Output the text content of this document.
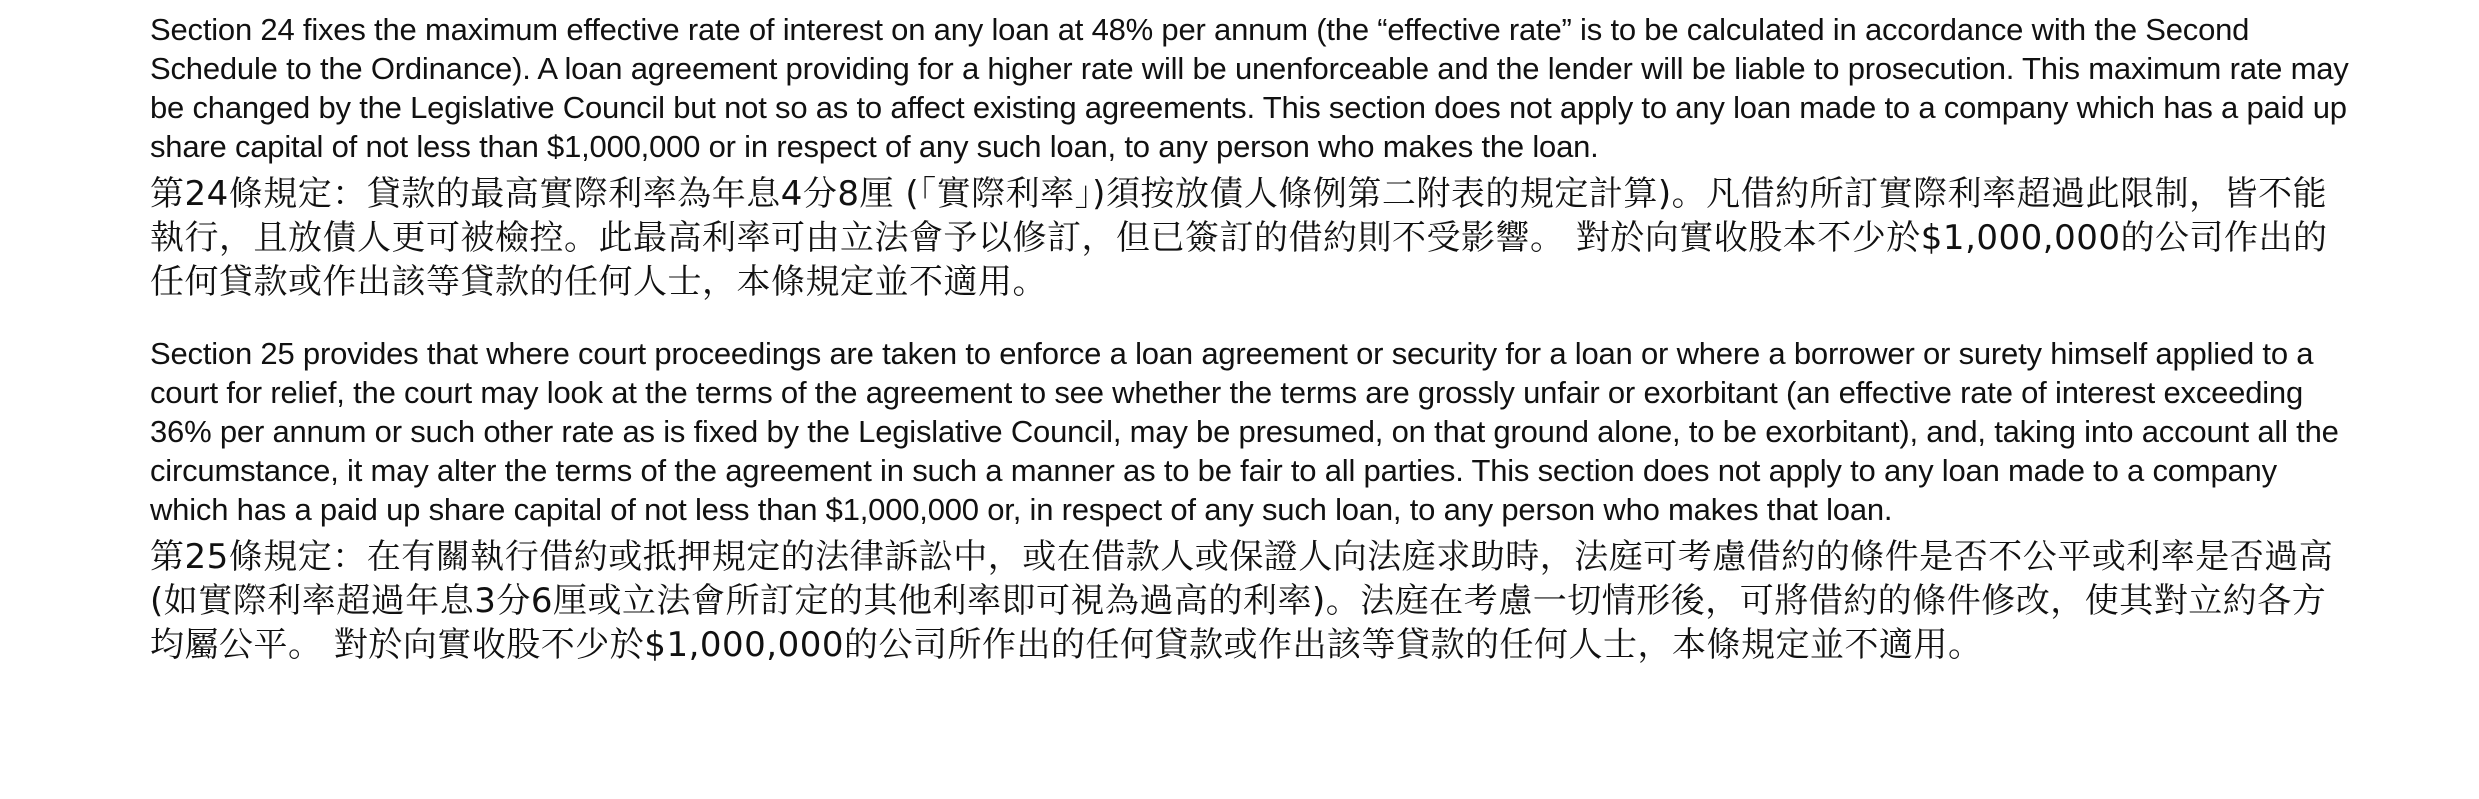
Section 24 fixes the maximum effective rate of interest on any loan at 48% per annum (the “effective rate” is to be calculated in accordance with the Second Schedule to the Ordinance). A loan agreement providing for a higher rate will be unenforceable and the lender will be liable to prosecution. This maximum rate may be changed by the Legislative Council but not so as to affect existing agreements. This section does not apply to any loan made to a company which has a paid up share capital of not less than $1,000,000 or in respect of any such loan, to any person who makes the loan.

第24條規定：貸款的最高實際利率為年息4分8厘 (「實際利率」)須按放債人條例第二附表的規定計算)。凡借約所訂實際利率超過此限制，皆不能執行，且放債人更可被檢控。此最高利率可由立法會予以修訂，但已簽訂的借約則不受影響。 對於向實收股本不少於$1,000,000的公司作出的任何貸款或作出該等貸款的任何人士，本條規定並不適用。

Section 25 provides that where court proceedings are taken to enforce a loan agreement or security for a loan or where a borrower or surety himself applied to a court for relief, the court may look at the terms of the agreement to see whether the terms are grossly unfair or exorbitant (an effective rate of interest exceeding 36% per annum or such other rate as is fixed by the Legislative Council, may be presumed, on that ground alone, to be exorbitant), and, taking into account all the circumstance, it may alter the terms of the agreement in such a manner as to be fair to all parties. This section does not apply to any loan made to a company which has a paid up share capital of not less than $1,000,000 or, in respect of any such loan, to any person who makes that loan.

第25條規定：在有關執行借約或抵押規定的法律訴訟中，或在借款人或保證人向法庭求助時，法庭可考慮借約的條件是否不公平或利率是否過高 (如實際利率超過年息3分6厘或立法會所訂定的其他利率即可視為過高的利率)。法庭在考慮一切情形後，可將借約的條件修改，使其對立約各方均屬公平。 對於向實收股不少於$1,000,000的公司所作出的任何貸款或作出該等貸款的任何人士，本條規定並不適用。
